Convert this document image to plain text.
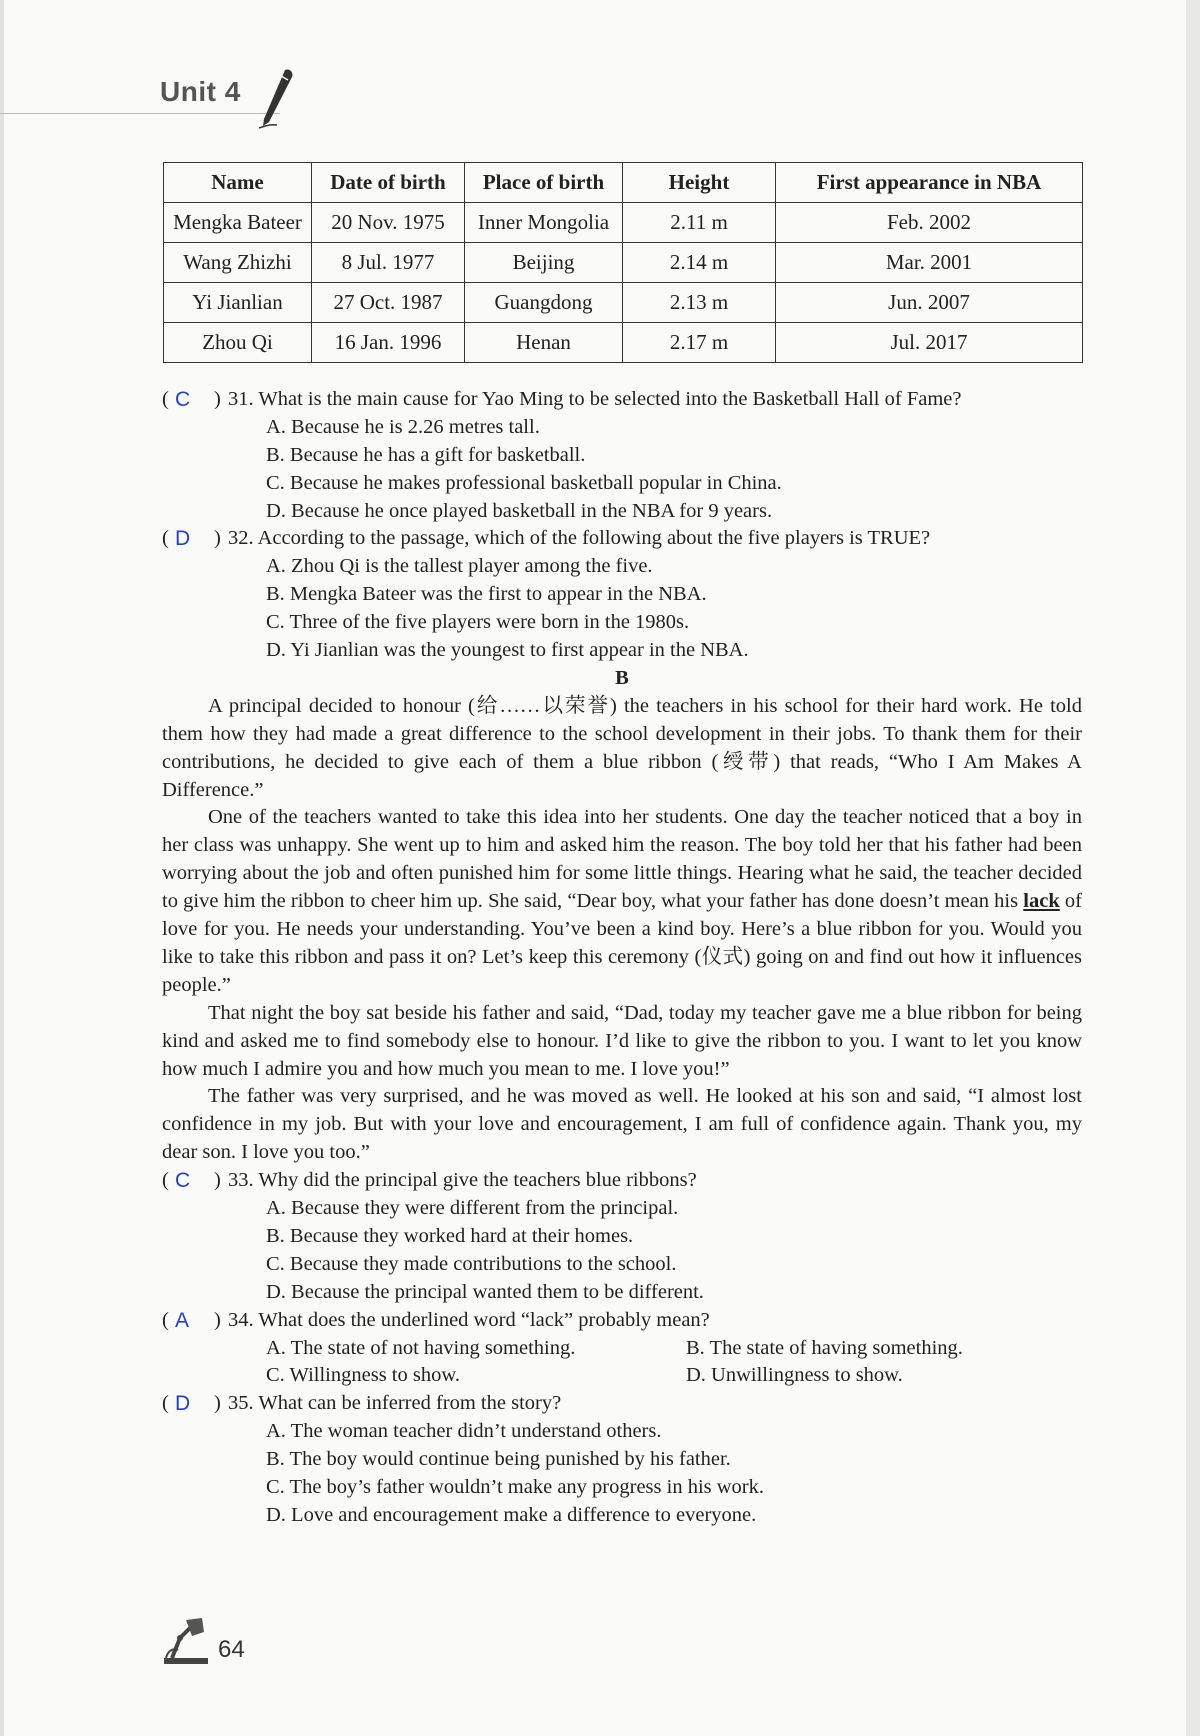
Unit 4
Name	Date of birth	Place of birth	Height	First appearance in NBA
Mengka Bateer	20 Nov. 1975	Inner Mongolia	2.11 m	Feb. 2002
Wang Zhizhi	8 Jul. 1977	Beijing	2.14 m	Mar. 2001
Yi Jianlian	27 Oct. 1987	Guangdong	2.13 m	Jun. 2007
Zhou Qi	16 Jan. 1996	Henan	2.17 m	Jul. 2017
( C ) 31. What is the main cause for Yao Ming to be selected into the Basketball Hall of Fame?
A. Because he is 2.26 metres tall.
B. Because he has a gift for basketball.
C. Because he makes professional basketball popular in China.
D. Because he once played basketball in the NBA for 9 years.
( D ) 32. According to the passage, which of the following about the five players is TRUE?
A. Zhou Qi is the tallest player among the five.
B. Mengka Bateer was the first to appear in the NBA.
C. Three of the five players were born in the 1980s.
D. Yi Jianlian was the youngest to first appear in the NBA.
B

A principal decided to honour (给……以荣誉) the teachers in his school for their hard work. He told them how they had made a great difference to the school development in their jobs. To thank them for their contributions, he decided to give each of them a blue ribbon (绶带) that reads, “Who I Am Makes A Difference.”

One of the teachers wanted to take this idea into her students. One day the teacher noticed that a boy in her class was unhappy. She went up to him and asked him the reason. The boy told her that his father had been worrying about the job and often punished him for some little things. Hearing what he said, the teacher decided to give him the ribbon to cheer him up. She said, “Dear boy, what your father has done doesn’t mean his lack of love for you. He needs your understanding. You’ve been a kind boy. Here’s a blue ribbon for you. Would you like to take this ribbon and pass it on? Let’s keep this ceremony (仪式) going on and find out how it influences people.”

That night the boy sat beside his father and said, “Dad, today my teacher gave me a blue ribbon for being kind and asked me to find somebody else to honour. I’d like to give the ribbon to you. I want to let you know how much I admire you and how much you mean to me. I love you!”

The father was very surprised, and he was moved as well. He looked at his son and said, “I almost lost confidence in my job. But with your love and encouragement, I am full of confidence again. Thank you, my dear son. I love you too.”

( C ) 33. Why did the principal give the teachers blue ribbons?
A. Because they were different from the principal.
B. Because they worked hard at their homes.
C. Because they made contributions to the school.
D. Because the principal wanted them to be different.
( A ) 34. What does the underlined word “lack” probably mean?
A. The state of not having something.	B. The state of having something.
C. Willingness to show.	D. Unwillingness to show.
( D ) 35. What can be inferred from the story?
A. The woman teacher didn’t understand others.
B. The boy would continue being punished by his father.
C. The boy’s father wouldn’t make any progress in his work.
D. Love and encouragement make a difference to everyone.
64
